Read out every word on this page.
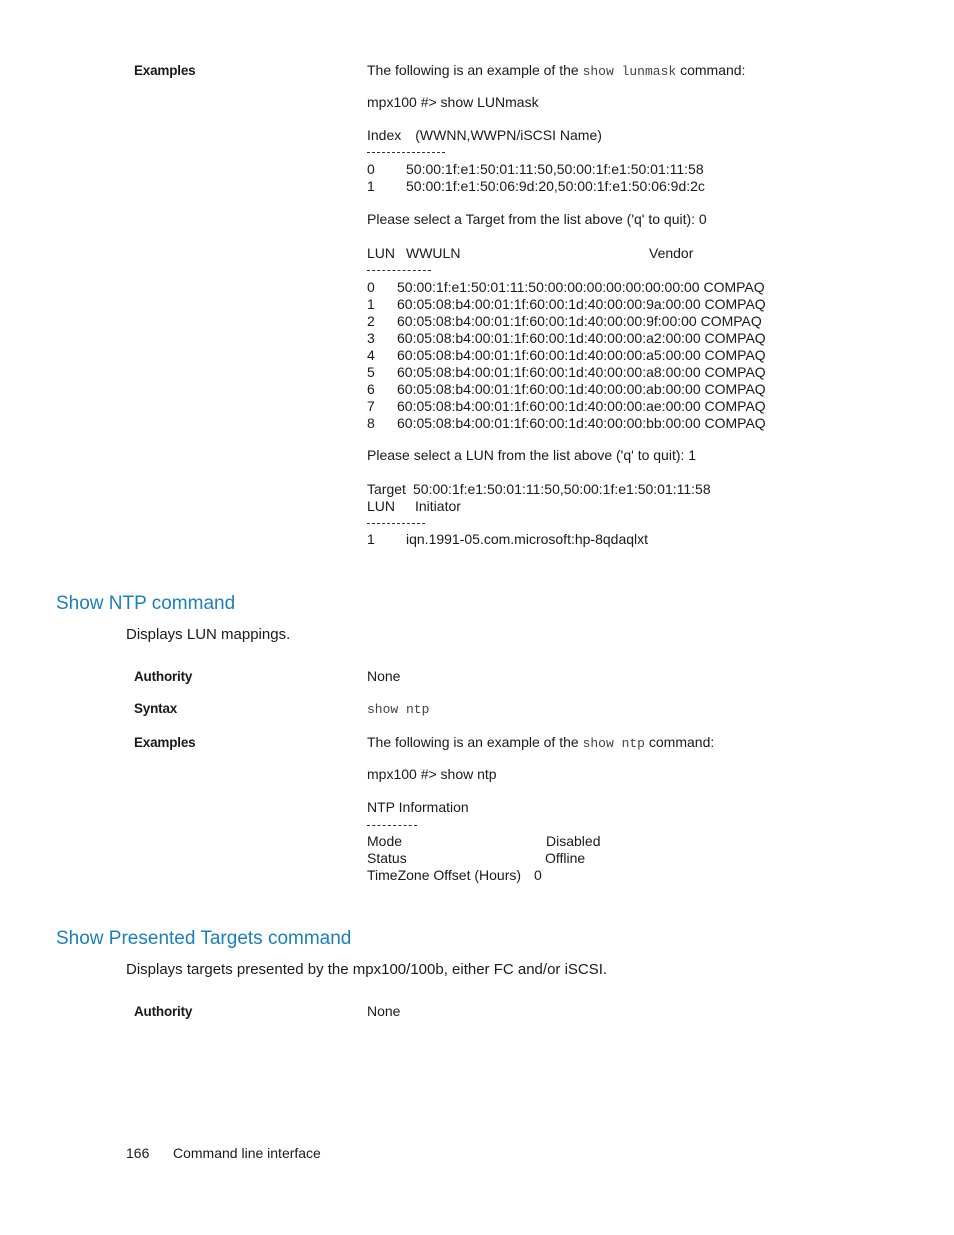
Examples	The following is an example of the show lunmask command:
mpx100 #> show LUNmask
Index (WWNN,WWPN/iSCSI Name)
0 50:00:1f:e1:50:01:11:50,50:00:1f:e1:50:01:11:58
1 50:00:1f:e1:50:06:9d:20,50:00:1f:e1:50:06:9d:2c
Please select a Target from the list above ('q' to quit): 0
LUN WWULN	Vendor
0 50:00:1f:e1:50:01:11:50:00:00:00:00:00:00:00:00 COMPAQ
1 60:05:08:b4:00:01:1f:60:00:1d:40:00:00:9a:00:00 COMPAQ
2 60:05:08:b4:00:01:1f:60:00:1d:40:00:00:9f:00:00 COMPAQ
3 60:05:08:b4:00:01:1f:60:00:1d:40:00:00:a2:00:00 COMPAQ
4 60:05:08:b4:00:01:1f:60:00:1d:40:00:00:a5:00:00 COMPAQ
5 60:05:08:b4:00:01:1f:60:00:1d:40:00:00:a8:00:00 COMPAQ
6 60:05:08:b4:00:01:1f:60:00:1d:40:00:00:ab:00:00 COMPAQ
7 60:05:08:b4:00:01:1f:60:00:1d:40:00:00:ae:00:00 COMPAQ
8 60:05:08:b4:00:01:1f:60:00:1d:40:00:00:bb:00:00 COMPAQ
Please select a LUN from the list above ('q' to quit): 1
Target 50:00:1f:e1:50:01:11:50,50:00:1f:e1:50:01:11:58
LUN Initiator
1 iqn.1991-05.com.microsoft:hp-8qdaqlxt
Show NTP command
Displays LUN mappings.
Authority	None
Syntax	show ntp
Examples	The following is an example of the show ntp command:
mpx100 #> show ntp
NTP Information
Mode	Disabled
Status	Offline
TimeZone Offset (Hours) 0
Show Presented Targets command
Displays targets presented by the mpx100/100b, either FC and/or iSCSI.
Authority	None
166 Command line interface
